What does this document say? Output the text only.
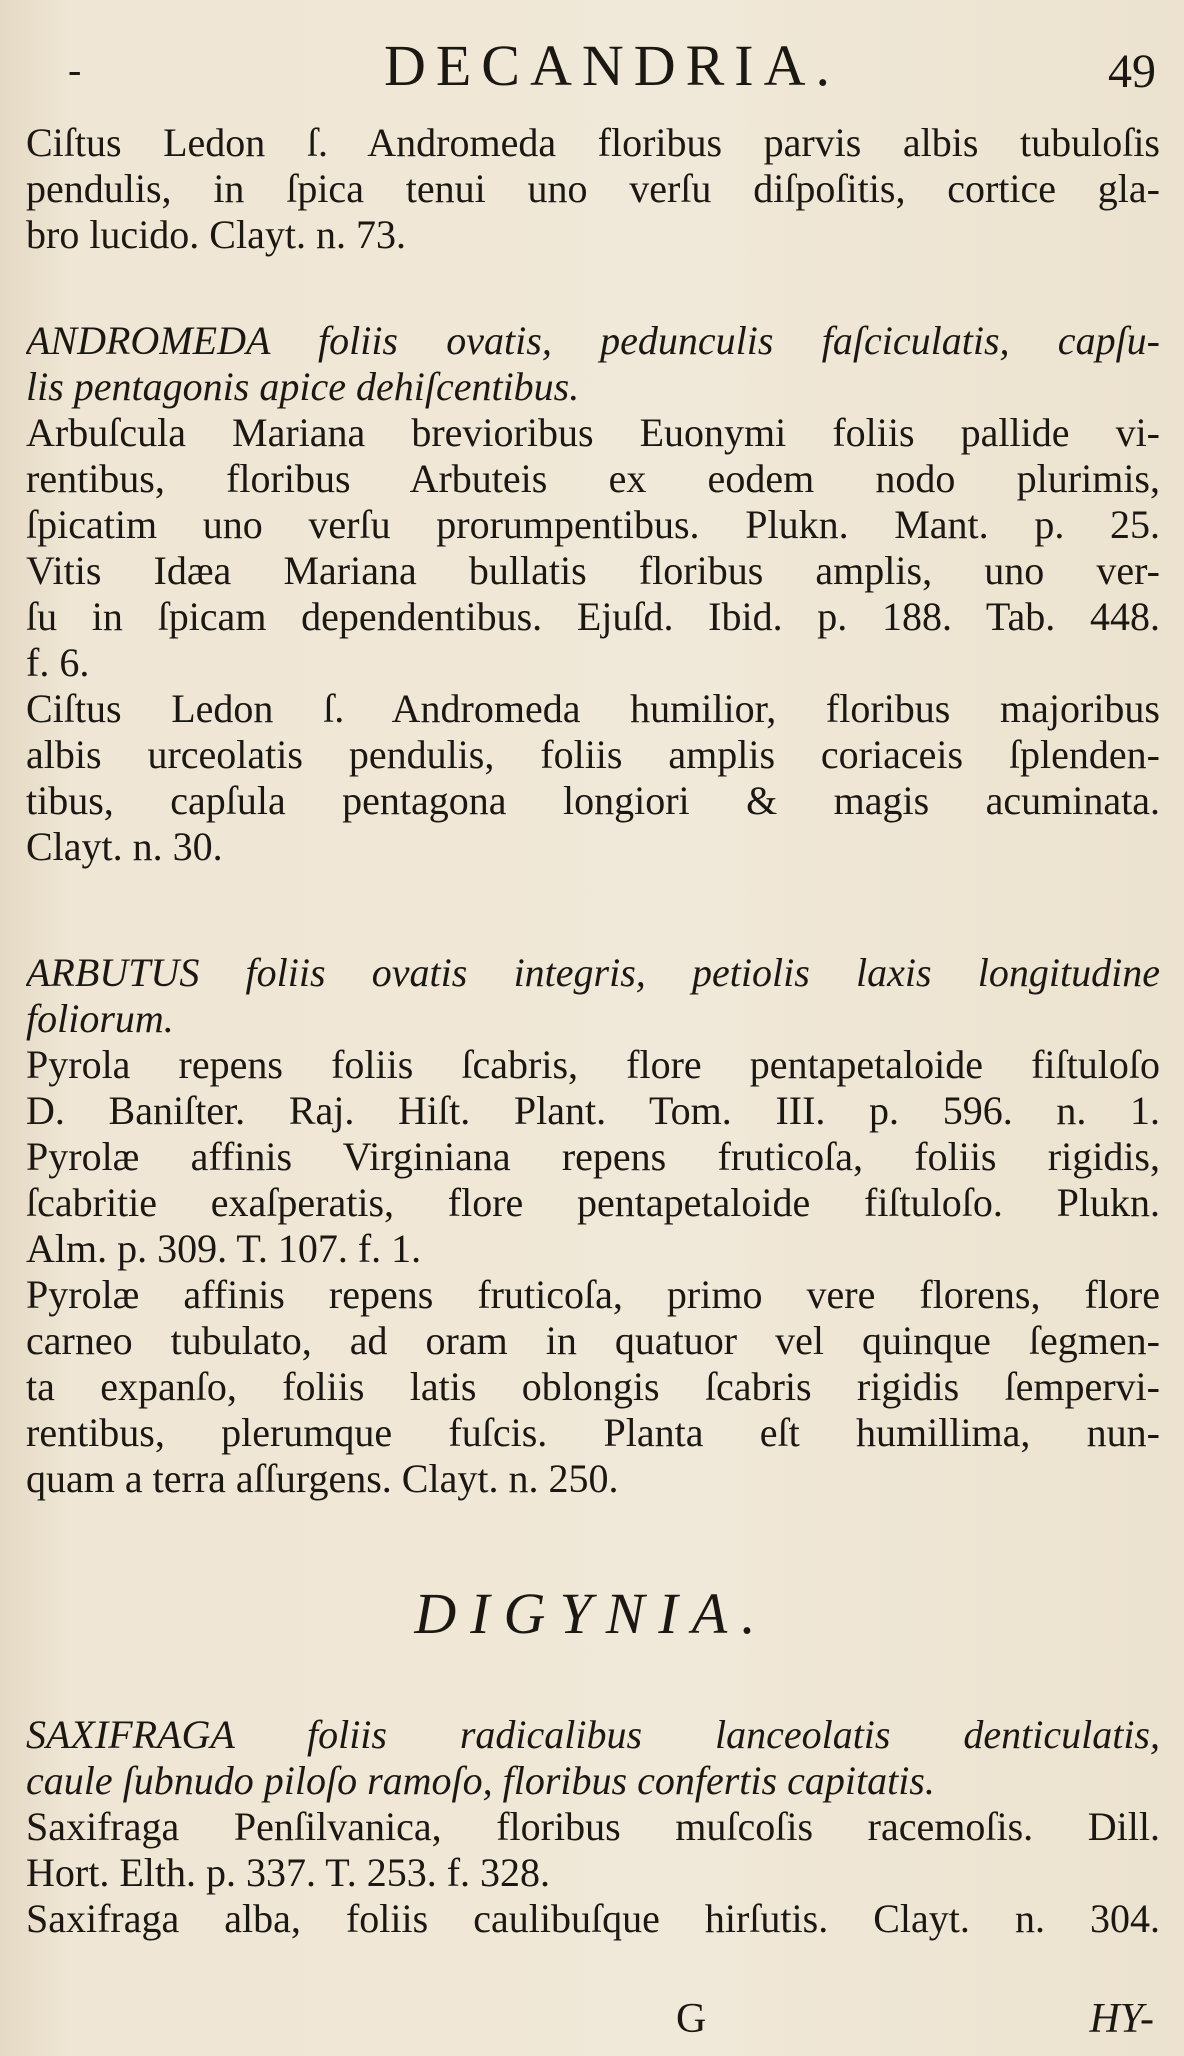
-	DECANDRIA.	49
Ciſtus Ledon ſ. Andromeda floribus parvis albis tubuloſis
pendulis, in ſpica tenui uno verſu diſpoſitis, cortice gla-
bro lucido. Clayt. n. 73.
ANDROMEDA foliis ovatis, pedunculis faſciculatis, capſu-
lis pentagonis apice dehiſcentibus.
Arbuſcula Mariana brevioribus Euonymi foliis pallide vi-
rentibus, floribus Arbuteis ex eodem nodo plurimis,
ſpicatim uno verſu prorumpentibus. Plukn. Mant. p. 25.
Vitis Idæa Mariana bullatis floribus amplis, uno ver-
ſu in ſpicam dependentibus. Ejuſd. Ibid. p. 188. Tab. 448.
f. 6.
Ciſtus Ledon ſ. Andromeda humilior, floribus majoribus
albis urceolatis pendulis, foliis amplis coriaceis ſplenden-
tibus, capſula pentagona longiori & magis acuminata.
Clayt. n. 30.
ARBUTUS foliis ovatis integris, petiolis laxis longitudine
foliorum.
Pyrola repens foliis ſcabris, flore pentapetaloide fiſtuloſo
D. Baniſter. Raj. Hiſt. Plant. Tom. III. p. 596. n. 1.
Pyrolæ affinis Virginiana repens fruticoſa, foliis rigidis,
ſcabritie exaſperatis, flore pentapetaloide fiſtuloſo. Plukn.
Alm. p. 309. T. 107. f. 1.
Pyrolæ affinis repens fruticoſa, primo vere florens, flore
carneo tubulato, ad oram in quatuor vel quinque ſegmen-
ta expanſo, foliis latis oblongis ſcabris rigidis ſempervi-
rentibus, plerumque fuſcis. Planta eſt humillima, nun-
quam a terra aſſurgens. Clayt. n. 250.
DIGYNIA.
SAXIFRAGA foliis radicalibus lanceolatis denticulatis,
caule ſubnudo piloſo ramoſo, floribus confertis capitatis.
Saxifraga Penſilvanica, floribus muſcoſis racemoſis. Dill.
Hort. Elth. p. 337. T. 253. f. 328.
Saxifraga alba, foliis caulibuſque hirſutis. Clayt. n. 304.
G	HY-
